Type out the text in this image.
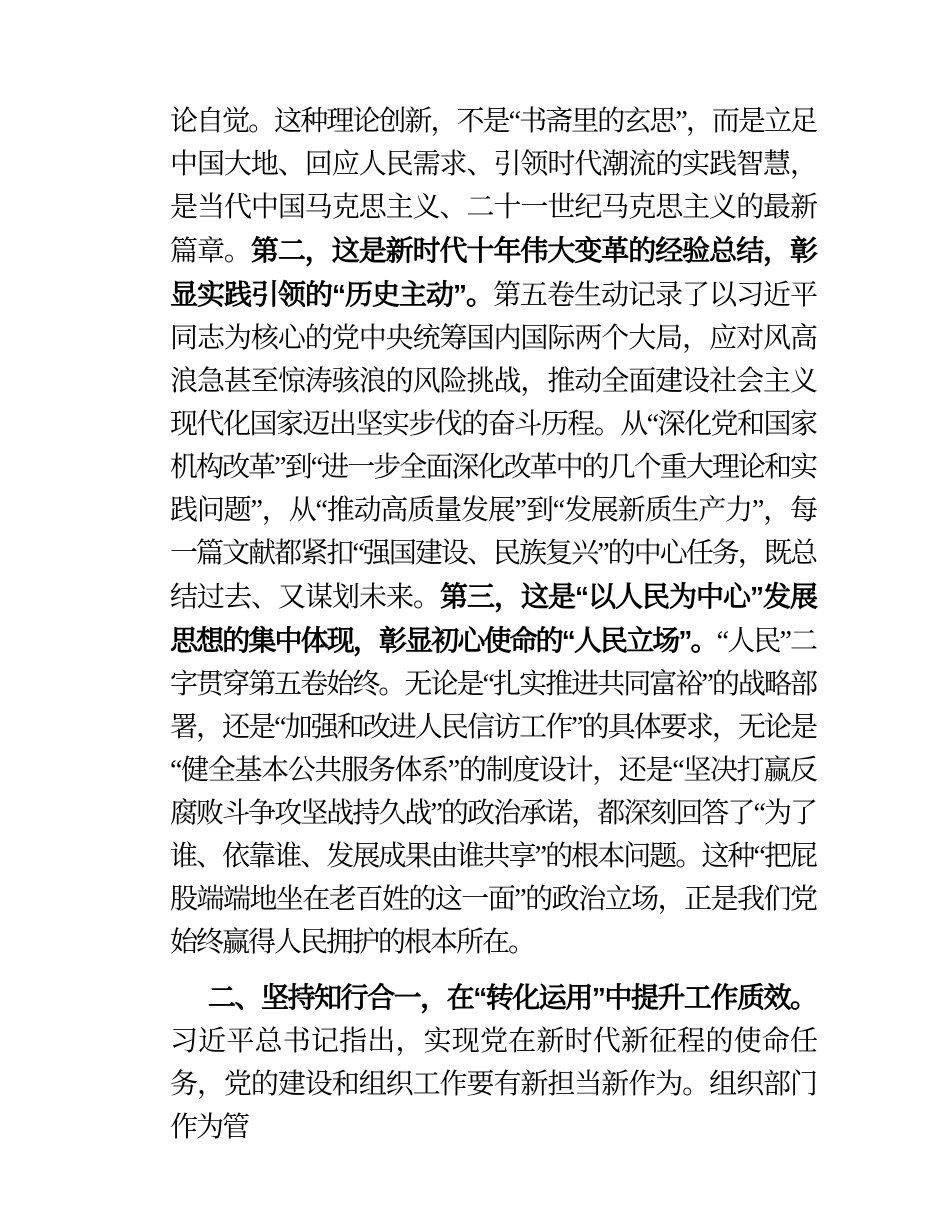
论自觉。这种理论创新，不是“书斋里的玄思”，而是立足中国大地、回应人民需求、引领时代潮流的实践智慧，是当代中国马克思主义、二十一世纪马克思主义的最新篇章。第二，这是新时代十年伟大变革的经验总结，彰显实践引领的“历史主动”。第五卷生动记录了以习近平同志为核心的党中央统筹国内国际两个大局，应对风高浪急甚至惊涛骇浪的风险挑战，推动全面建设社会主义现代化国家迈出坚实步伐的奋斗历程。从“深化党和国家机构改革”到“进一步全面深化改革中的几个重大理论和实践问题”，从“推动高质量发展”到“发展新质生产力”，每一篇文献都紧扣“强国建设、民族复兴”的中心任务，既总结过去、又谋划未来。第三，这是“以人民为中心”发展思想的集中体现，彰显初心使命的“人民立场”。“人民”二字贯穿第五卷始终。无论是“扎实推进共同富裕”的战略部署，还是“加强和改进人民信访工作”的具体要求，无论是“健全基本公共服务体系”的制度设计，还是“坚决打赢反腐败斗争攻坚战持久战”的政治承诺，都深刻回答了“为了谁、依靠谁、发展成果由谁共享”的根本问题。这种“把屁股端端地坐在老百姓的这一面”的政治立场，正是我们党始终赢得人民拥护的根本所在。

二、坚持知行合一，在“转化运用”中提升工作质效。习近平总书记指出，实现党在新时代新征程的使命任务，党的建设和组织工作要有新担当新作为。组织部门作为管
